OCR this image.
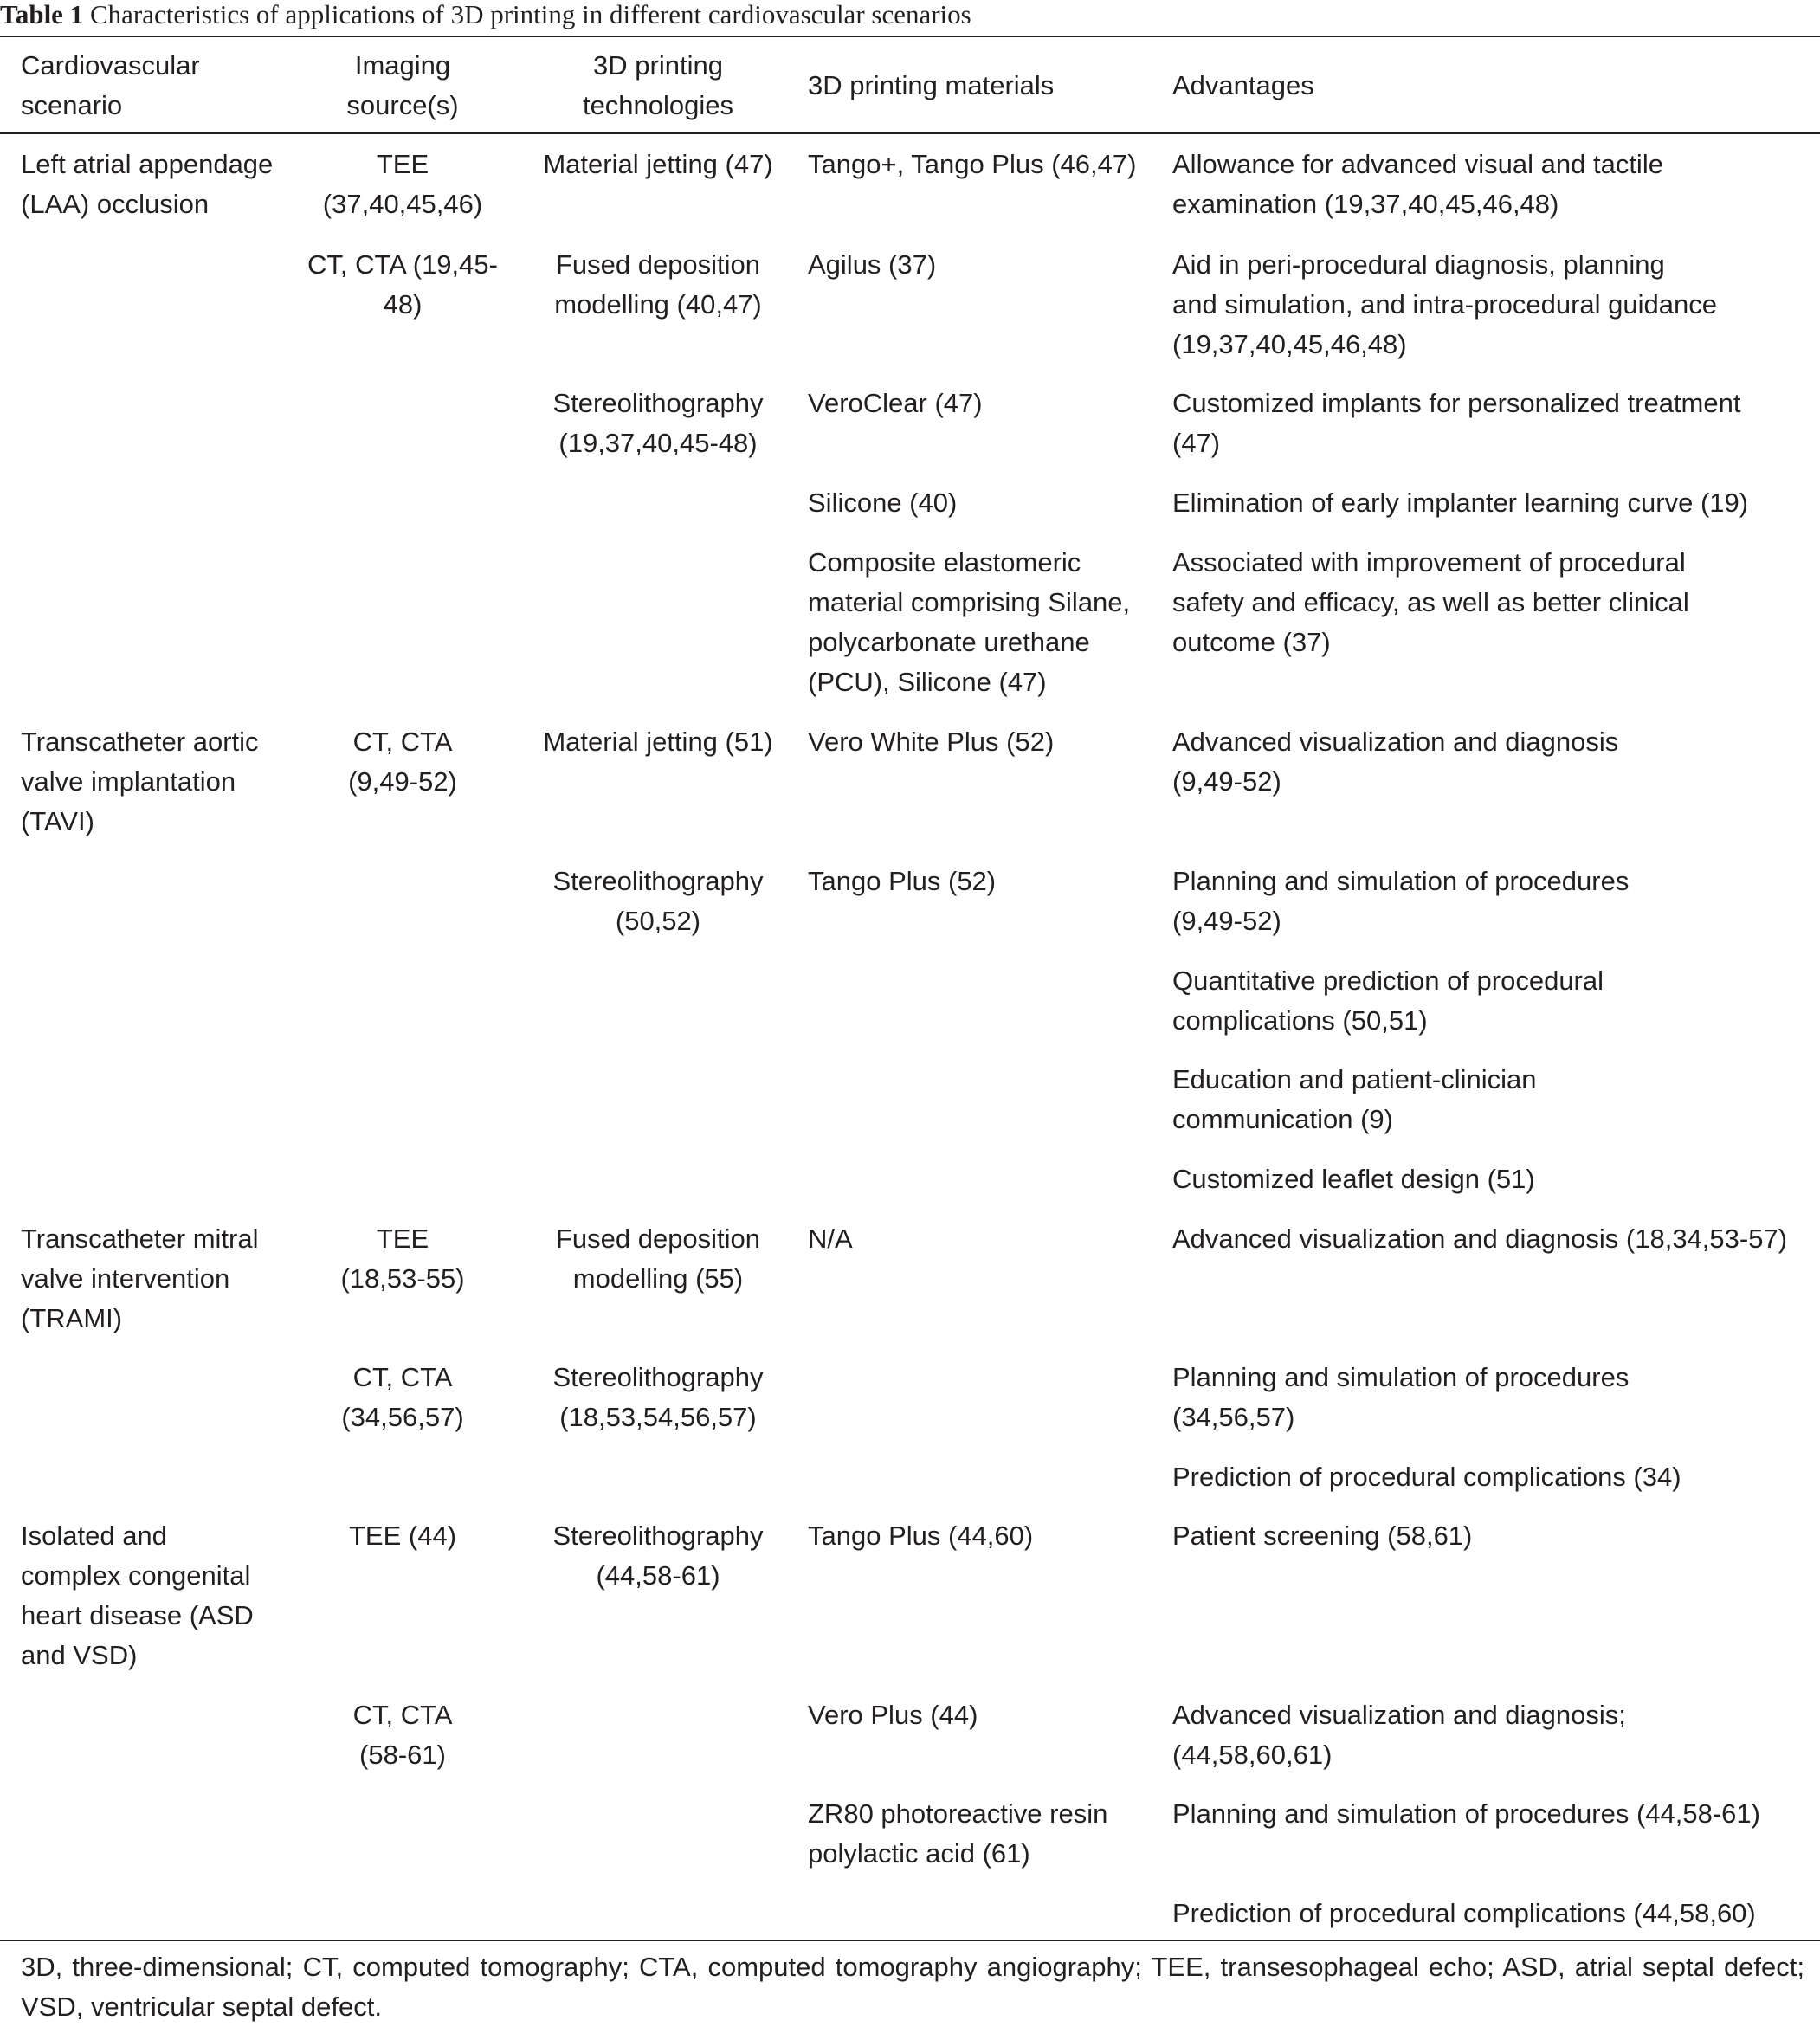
Table 1 Characteristics of applications of 3D printing in different cardiovascular scenarios
Cardiovascular
scenario
Imaging
source(s)
3D printing
technologies
3D printing materials	Advantages
Left atrial appendage
(LAA) occlusion
TEE
(37,40,45,46)
CT, CTA (19,45-
48)
Material jetting (47)
Fused deposition
modelling (40,47)
Stereolithography
(19,37,40,45-48)
Tango+, Tango Plus (46,47)
Agilus (37)
VeroClear (47)
Silicone (40)
Composite elastomeric
material comprising Silane,
polycarbonate urethane
(PCU), Silicone (47)
Allowance for advanced visual and tactile
examination (19,37,40,45,46,48)
Aid in peri-procedural diagnosis, planning
and simulation, and intra-procedural guidance
(19,37,40,45,46,48)
Customized implants for personalized treatment
(47)
Elimination of early implanter learning curve (19)
Associated with improvement of procedural
safety and efficacy, as well as better clinical
outcome (37)
Transcatheter aortic
valve implantation
(TAVI)
CT, CTA
(9,49-52)
Material jetting (51)
Stereolithography
(50,52)
Vero White Plus (52)
Tango Plus (52)
Advanced visualization and diagnosis
(9,49-52)
Planning and simulation of procedures
(9,49-52)
Quantitative prediction of procedural
complications (50,51)
Education and patient-clinician
communication (9)
Customized leaflet design (51)
Transcatheter mitral
valve intervention
(TRAMI)
TEE
(18,53-55)
CT, CTA
(34,56,57)
Fused deposition
modelling (55)
Stereolithography
(18,53,54,56,57)
N/A	Advanced visualization and diagnosis (18,34,53-57)
Planning and simulation of procedures
(34,56,57)
Prediction of procedural complications (34)
Isolated and
complex congenital
heart disease (ASD
and VSD)
TEE (44)
CT, CTA
(58-61)
Stereolithography
(44,58-61)
Tango Plus (44,60)
Vero Plus (44)
ZR80 photoreactive resin
polylactic acid (61)
Patient screening (58,61)
Advanced visualization and diagnosis;
(44,58,60,61)
Planning and simulation of procedures (44,58-61)
Prediction of procedural complications (44,58,60)
3D, three-dimensional; CT, computed tomography; CTA, computed tomography angiography; TEE, transesophageal echo; ASD, atrial septal defect; VSD, ventricular septal defect.
